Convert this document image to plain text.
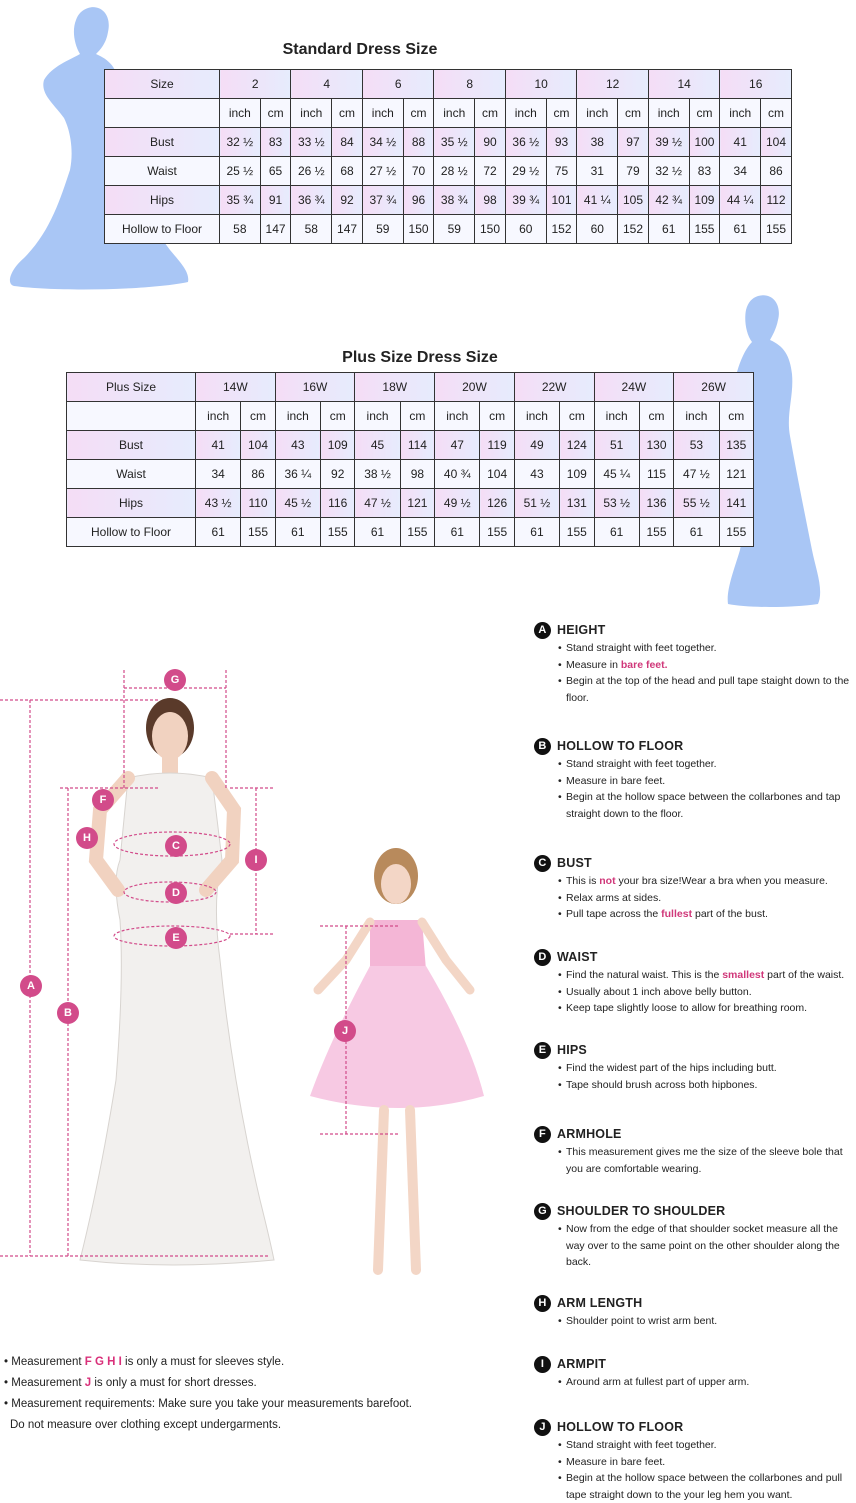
Standard Dress Size
Size	2		4		6		8		10		12		14		16	
	inch	cm	inch	cm	inch	cm	inch	cm	inch	cm	inch	cm	inch	cm	inch	cm
Bust	32 ½	83	33 ½	84	34 ½	88	35 ½	90	36 ½	93	38	97	39 ½	100	41	104
Waist	25 ½	65	26 ½	68	27 ½	70	28 ½	72	29 ½	75	31	79	32 ½	83	34	86
Hips	35 ¾	91	36 ¾	92	37 ¾	96	38 ¾	98	39 ¾	101	41 ¼	105	42 ¾	109	44 ¼	112
Hollow to Floor	58	147	58	147	59	150	59	150	60	152	60	152	61	155	61	155
Plus Size Dress Size
Plus Size	14W		16W		18W		20W		22W		24W		26W	
	inch	cm	inch	cm	inch	cm	inch	cm	inch	cm	inch	cm	inch	cm
Bust	41	104	43	109	45	114	47	119	49	124	51	130	53	135
Waist	34	86	36 ¼	92	38 ½	98	40 ¾	104	43	109	45 ¼	115	47 ½	121
Hips	43 ½	110	45 ½	116	47 ½	121	49 ½	126	51 ½	131	53 ½	136	55 ½	141
Hollow to Floor	61	155	61	155	61	155	61	155	61	155	61	155	61	155
G
F
H
C
I
D
E
A
B
J
A HEIGHT
• Stand straight with feet together.
• Measure in bare feet.
• Begin at the top of the head and pull tape staight down to the floor.
B HOLLOW TO FLOOR
• Stand straight with feet together.
• Measure in bare feet.
• Begin at the hollow space between the collarbones and tap straight down to the floor.
C BUST
• This is not your bra size!Wear a bra when you measure.
• Relax arms at sides.
• Pull tape across the fullest part of the bust.
D WAIST
• Find the natural waist. This is the smallest part of the waist.
• Usually about 1 inch above belly button.
• Keep tape slightly loose to allow for breathing room.
E HIPS
• Find the widest part of the hips including butt.
• Tape should brush across both hipbones.
F ARMHOLE
• This measurement gives me the size of the sleeve bole that you are comfortable wearing.
G SHOULDER TO SHOULDER
• Now from the edge of that shoulder socket measure all the way over to the same point on the other shoulder along the back.
H ARM LENGTH
• Shoulder point to wrist arm bent.
I ARMPIT
• Around arm at fullest part of upper arm.
J HOLLOW TO FLOOR
• Stand straight with feet together.
• Measure in bare feet.
• Begin at the hollow space between the collarbones and pull tape straight down to the your leg hem you want.
• Measurement F G H I is only a must for sleeves style.
• Measurement J is only a must for short dresses.
• Measurement requirements: Make sure you take your measurements barefoot.
Do not measure over clothing except undergarments.
